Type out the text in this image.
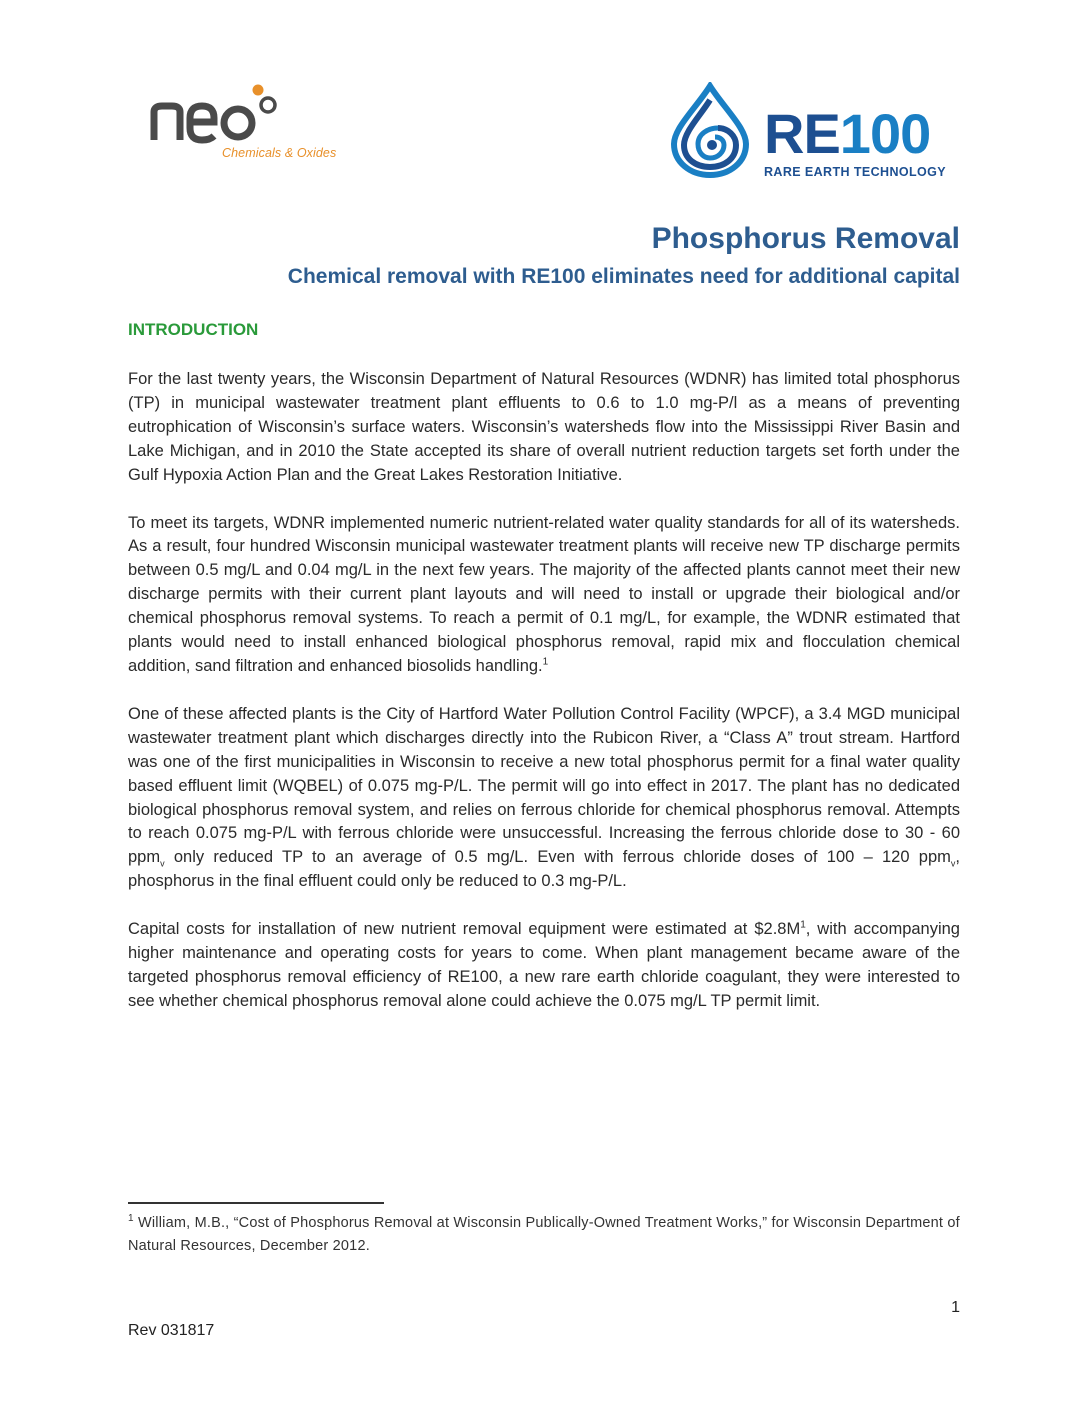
Chemicals & Oxides	RE100
RARE EARTH TECHNOLOGY
Phosphorus Removal
Chemical removal with RE100 eliminates need for additional capital
INTRODUCTION

For the last twenty years, the Wisconsin Department of Natural Resources (WDNR) has limited total phosphorus (TP) in municipal wastewater treatment plant effluents to 0.6 to 1.0 mg-P/l as a means of preventing eutrophication of Wisconsin’s surface waters. Wisconsin’s watersheds flow into the Mississippi River Basin and Lake Michigan, and in 2010 the State accepted its share of overall nutrient reduction targets set forth under the Gulf Hypoxia Action Plan and the Great Lakes Restoration Initiative.

To meet its targets, WDNR implemented numeric nutrient-related water quality standards for all of its watersheds. As a result, four hundred Wisconsin municipal wastewater treatment plants will receive new TP discharge permits between 0.5 mg/L and 0.04 mg/L in the next few years. The majority of the affected plants cannot meet their new discharge permits with their current plant layouts and will need to install or upgrade their biological and/or chemical phosphorus removal systems. To reach a permit of 0.1 mg/L, for example, the WDNR estimated that plants would need to install enhanced biological phosphorus removal, rapid mix and flocculation chemical addition, sand filtration and enhanced biosolids handling.$^1$

One of these affected plants is the City of Hartford Water Pollution Control Facility (WPCF), a 3.4 MGD municipal wastewater treatment plant which discharges directly into the Rubicon River, a “Class A” trout stream. Hartford was one of the first municipalities in Wisconsin to receive a new total phosphorus permit for a final water quality based effluent limit (WQBEL) of 0.075 mg-P/L. The permit will go into effect in 2017. The plant has no dedicated biological phosphorus removal system, and relies on ferrous chloride for chemical phosphorus removal. Attempts to reach 0.075 mg-P/L with ferrous chloride were unsuccessful. Increasing the ferrous chloride dose to 30 - 60 ppm$_v$ only reduced TP to an average of 0.5 mg/L. Even with ferrous chloride doses of 100 – 120 ppm$_v$, phosphorus in the final effluent could only be reduced to 0.3 mg-P/L.

Capital costs for installation of new nutrient removal equipment were estimated at $\$2.8M^1$, with accompanying higher maintenance and operating costs for years to come. When plant management became aware of the targeted phosphorus removal efficiency of RE100, a new rare earth chloride coagulant, they were interested to see whether chemical phosphorus removal alone could achieve the 0.075 mg/L TP permit limit.

$^1$ William, M.B., “Cost of Phosphorus Removal at Wisconsin Publically-Owned Treatment Works,” for Wisconsin Department of Natural Resources, December 2012.
1
Rev 031817
